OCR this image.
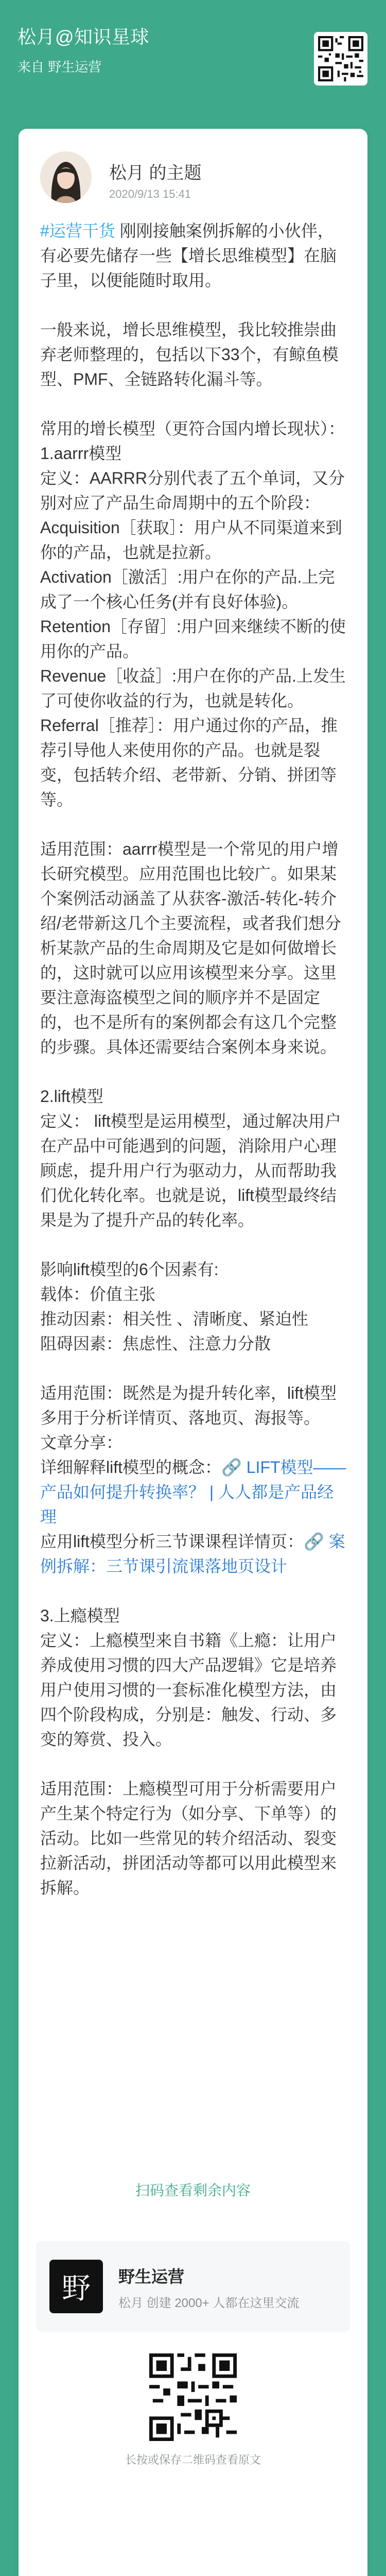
松月@知识星球
来自 野生运营
松月 的主题
2020/9/13 15:41

#运营干货 刚刚接触案例拆解的小伙伴，有必要先储存一些【增长思维模型】在脑子里，以便能随时取用。

一般来说，增长思维模型，我比较推崇曲弃老师整理的，包括以下33个，有鲸鱼模型、PMF、全链路转化漏斗等。

常用的增长模型（更符合国内增长现状）：

1.aarrr模型

定义：AARRR分别代表了五个单词，又分别对应了产品生命周期中的五个阶段：

Acquisition［获取］：用户从不同渠道来到你的产品，也就是拉新。

Activation［激活］:用户在你的产品.上完成了一个核心任务(并有良好体验)。

Retention［存留］:用户回来继续不断的使用你的产品。

Revenue［收益］:用户在你的产品.上发生了可使你收益的行为，也就是转化。

Referral［推荐］：用户通过你的产品，推荐引导他人来使用你的产品。也就是裂变，包括转介绍、老带新、分销、拼团等等。

适用范围：aarrr模型是一个常见的用户增长研究模型。应用范围也比较广。如果某个案例活动涵盖了从获客-激活-转化-转介绍/老带新这几个主要流程，或者我们想分析某款产品的生命周期及它是如何做增长的，这时就可以应用该模型来分享。这里要注意海盗模型之间的顺序并不是固定的，也不是所有的案例都会有这几个完整的步骤。具体还需要结合案例本身来说。

2.lift模型

定义： lift模型是运用模型，通过解决用户在产品中可能遇到的问题，消除用户心理顾虑，提升用户行为驱动力，从而帮助我们优化转化率。也就是说，lift模型最终结果是为了提升产品的转化率。

影响lift模型的6个因素有:

载体：价值主张

推动因素：相关性 、清晰度、紧迫性

阻碍因素：焦虑性、注意力分散

适用范围：既然是为提升转化率，lift模型多用于分析详情页、落地页、海报等。

文章分享：

详细解释lift模型的概念：🔗 LIFT模型——产品如何提升转换率？ | 人人都是产品经理

应用lift模型分析三节课课程详情页：🔗 案例拆解：三节课引流课落地页设计

3.上瘾模型

定义：上瘾模型来自书籍《上瘾：让用户养成使用习惯的四大产品逻辑》它是培养用户使用习惯的一套标准化模型方法，由四个阶段构成，分别是：触发、行动、多变的筹赏、投入。

适用范围：上瘾模型可用于分析需要用户产生某个特定行为（如分享、下单等）的活动。比如一些常见的转介绍活动、裂变拉新活动，拼团活动等都可以用此模型来拆解。

扫码查看剩余内容
野 野生运营
松月 创建 2000+ 人都在这里交流
长按或保存二维码查看原文
